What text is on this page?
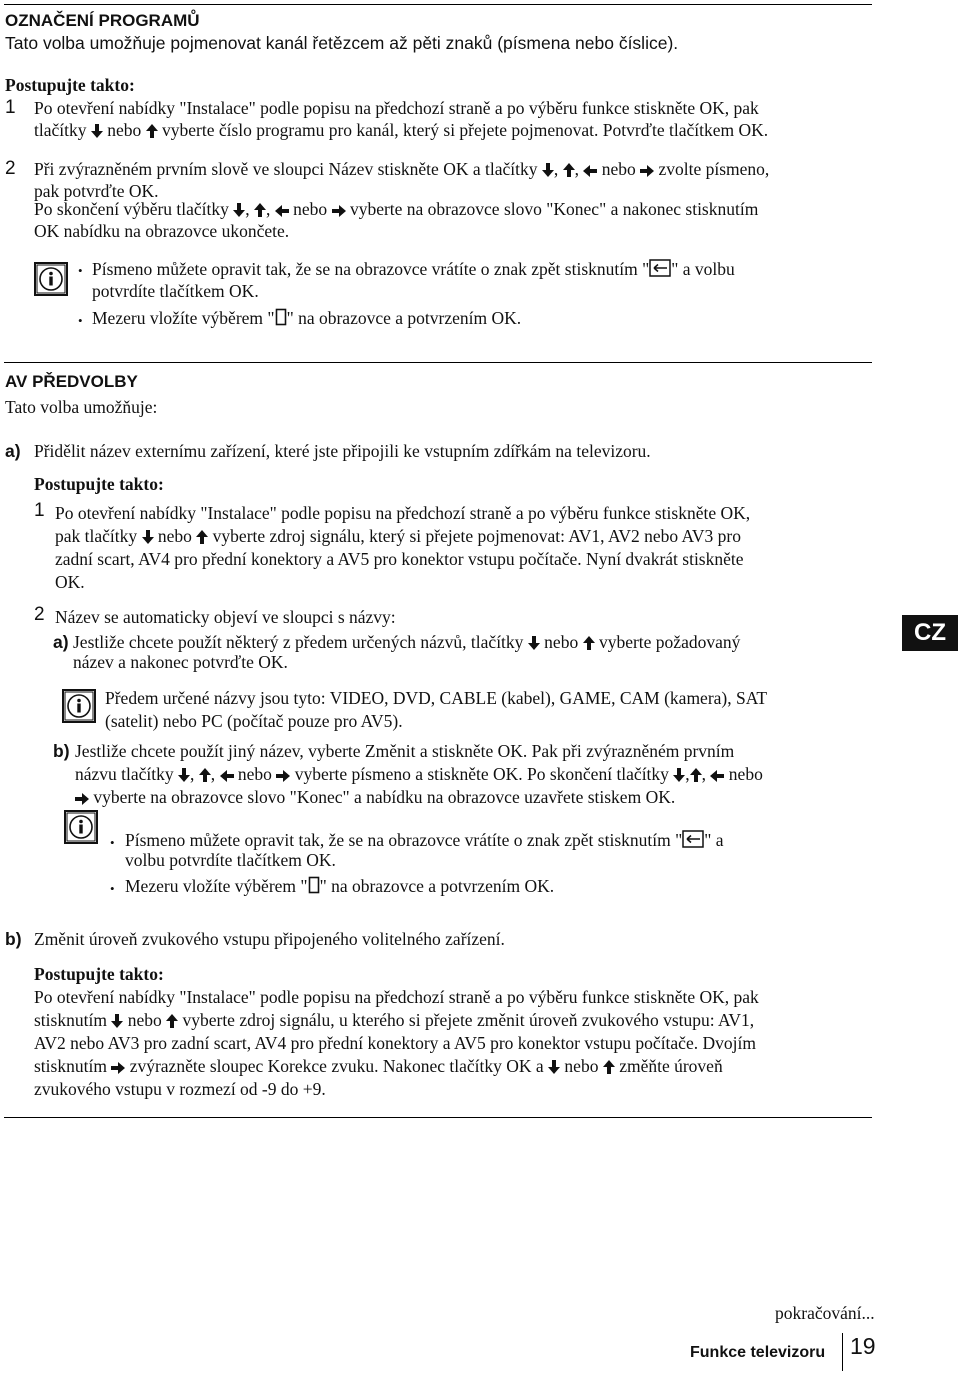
OZNAČENÍ PROGRAMŮ
Tato volba umožňuje pojmenovat kanál řetězcem až pěti znaků (písmena nebo číslice).
Postupujte takto:
1 Po otevření nabídky "Instalace" podle popisu na předchozí straně a po výběru funkce stiskněte OK, pak
tlačítky nebo vyberte číslo programu pro kanál, který si přejete pojmenovat. Potvrďte tlačítkem OK.
2 Při zvýrazněném prvním slově ve sloupci Název stiskněte OK a tlačítky , ,  nebo zvolte písmeno,
pak potvrďte OK.
Po skončení výběru tlačítky , ,  nebo vyberte na obrazovce slovo "Konec" a nakonec stisknutím
OK nabídku na obrazovce ukončete.
• Písmeno můžete opravit tak, že se na obrazovce vrátíte o znak zpět stisknutím " " a volbu
potvrdíte tlačítkem OK.
• Mezeru vložíte výběrem " " na obrazovce a potvrzením OK.
AV PŘEDVOLBY
Tato volba umožňuje:
a) Přidělit název externímu zařízení, které jste připojili ke vstupním zdířkám na televizoru.
Postupujte takto:
1 Po otevření nabídky "Instalace" podle popisu na předchozí straně a po výběru funkce stiskněte OK,
pak tlačítky nebo vyberte zdroj signálu, který si přejete pojmenovat: AV1, AV2 nebo AV3 pro
zadní scart, AV4 pro přední konektory a AV5 pro konektor vstupu počítače. Nyní dvakrát stiskněte
OK.
2 Název se automaticky objeví ve sloupci s názvy:
a) Jestliže chcete použít některý z předem určených názvů, tlačítky nebo vyberte požadovaný
název a nakonec potvrďte OK.
Předem určené názvy jsou tyto: VIDEO, DVD, CABLE (kabel), GAME, CAM (kamera), SAT
(satelit) nebo PC (počítač pouze pro AV5).
b) Jestliže chcete použít jiný název, vyberte Změnit a stiskněte OK. Pak při zvýrazněném prvním
názvu tlačítky , ,  nebo vyberte písmeno a stiskněte OK. Po skončení tlačítky , ,  nebo
vyberte na obrazovce slovo "Konec" a nabídku na obrazovce uzavřete stiskem OK.
• Písmeno můžete opravit tak, že se na obrazovce vrátíte o znak zpět stisknutím " " a
volbu potvrdíte tlačítkem OK.
• Mezeru vložíte výběrem " " na obrazovce a potvrzením OK.
b) Změnit úroveň zvukového vstupu připojeného volitelného zařízení.
Postupujte takto:
Po otevření nabídky "Instalace" podle popisu na předchozí straně a po výběru funkce stiskněte OK, pak
stisknutím nebo vyberte zdroj signálu, u kterého si přejete změnit úroveň zvukového vstupu: AV1,
AV2 nebo AV3 pro zadní scart, AV4 pro přední konektory a AV5 pro konektor vstupu počítače. Dvojím
stisknutím zvýrazněte sloupec Korekce zvuku. Nakonec tlačítky OK a nebo změňte úroveň
zvukového vstupu v rozmezí od -9 do +9.
CZ
pokračování...
Funkce televizoru 19
